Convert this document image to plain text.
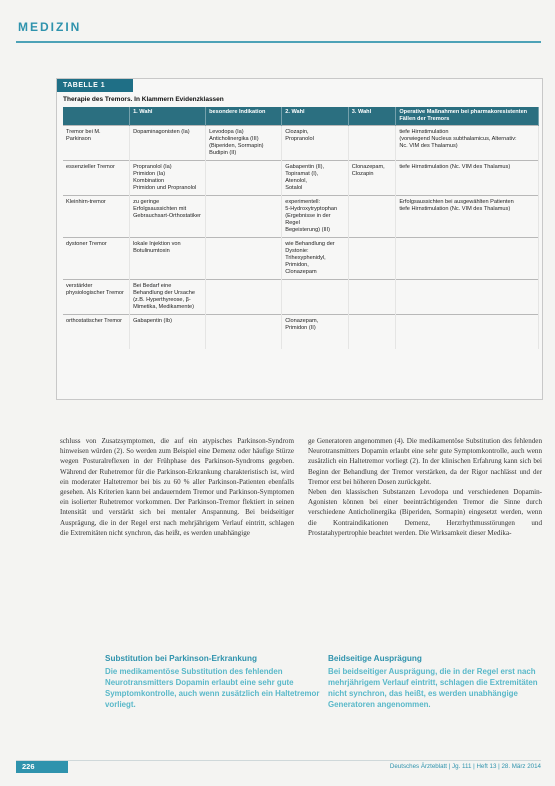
MEDIZIN
TABELLE 1
Therapie des Tremors. In Klammern Evidenzklassen
	1. Wahl	besondere Indikation	2. Wahl	3. Wahl	Operative Maßnahmen bei pharmakoresistenten Fällen der Tremors
Tremor bei M. Parkinson	Dopaminagonisten (Ia)	Levodopa (Ia)
Anticholinergika (III)
(Biperiden, Sormapin)
Budipin (II)	Clozapin,
Propranolol		tiefe Hirnstimulation
(vorwiegend Nucleus subthalamicus, Alternativ:
Nc. VIM des Thalamus)
essenzieller Tremor	Propranolol (Ia)
Primidon (Ia)
Kombination
Primidon und Propranolol		Gabapentin (II),
Topiramat (I),
Atenolol,
Sotalol	Clonazepam,
Clozapin	tiefe Hirnstimulation (Nc. VIM des Thalamus)
Kleinhirn-tremor	zu geringe Erfolgsaussichten mit Gebrauchsart-Orthostatiker		experimentell:
5-Hydroxytryptophan
(Ergebnisse in der Regel
Begeisterung) (III)		Erfolgsaussichten bei ausgewählten Patienten
tiefe Hirnstimulation (Nc. VIM des Thalamus)
dystoner Tremor	lokale Injektion von Botulinumtoxin		wie Behandlung der Dystonie:
Trihexyphenidyl,
Primidon,
Clonazepam		
verstärkter physiologischer Tremor	Bei Bedarf eine Behandlung der Ursache (z.B. Hyperthyreose, β-Mimetika, Medikamente)				
orthostatischer Tremor	Gabapentin (Ib)		Clonazepam,
Primidon (II)		
schluss von Zusatzsymptomen, die auf ein atypisches Parkinson-Syndrom hinweisen würden (2). So werden zum Beispiel eine Demenz oder häufige Stürze wegen Posturalreflexen in der Frühphase des Parkinson-Syndroms gegeben. Während der Ruhetremor für die Parkinson-Erkrankung charakteristisch ist, wird ein moderater Haltetremor bei bis zu 60 % aller Parkinson-Patienten ebenfalls gesehen. Als Kriterien kann bei andauerndem Tremor und Parkinson-Symptomen ein isolierter Ruhetremor vorkommen. Der Parkinson-Tremor flektiert in seinen Intensität und verstärkt sich bei mentaler Anspannung. Bei beidseitiger Ausprägung, die in der Regel erst nach mehrjährigem Verlauf eintritt, schlagen die Extremitäten nicht synchron, das heißt, es werden unabhängige
ge Generatoren angenommen (4). Die medikamentöse Substitution des fehlenden Neurotransmitters Dopamin erlaubt eine sehr gute Symptomkontrolle, auch wenn zusätzlich ein Haltetremor vorliegt (2). In der klinischen Erfahrung kann sich bei Beginn der Behandlung der Tremor verstärken, da der Rigor nachlässt und der Tremor erst bei höheren Dosen zurückgeht.
Neben den klassischen Substanzen Levodopa und verschiedenen Dopamin-Agonisten können bei einer beeinträchtigenden Tremor die Sinne durch verschiedene Anticholinergika (Biperiden, Sormapin) eingesetzt werden, wenn die Kontraindikationen Demenz, Herzrhythmusstörungen und Prostatahypertrophie beachtet werden. Die Wirksamkeit dieser Medika-
Substitution bei Parkinson-Erkrankung
Die medikamentöse Substitution des fehlenden Neurotransmitters Dopamin erlaubt eine sehr gute Symptomkontrolle, auch wenn zusätzlich ein Haltetremor vorliegt.
Beidseitige Ausprägung
Bei beidseitiger Ausprägung, die in der Regel erst nach mehrjährigem Verlauf eintritt, schlagen die Extremitäten nicht synchron, das heißt, es werden unabhängige Generatoren angenommen.
226	Deutsches Ärzteblatt | Jg. 111 | Heft 13 | 28. März 2014
